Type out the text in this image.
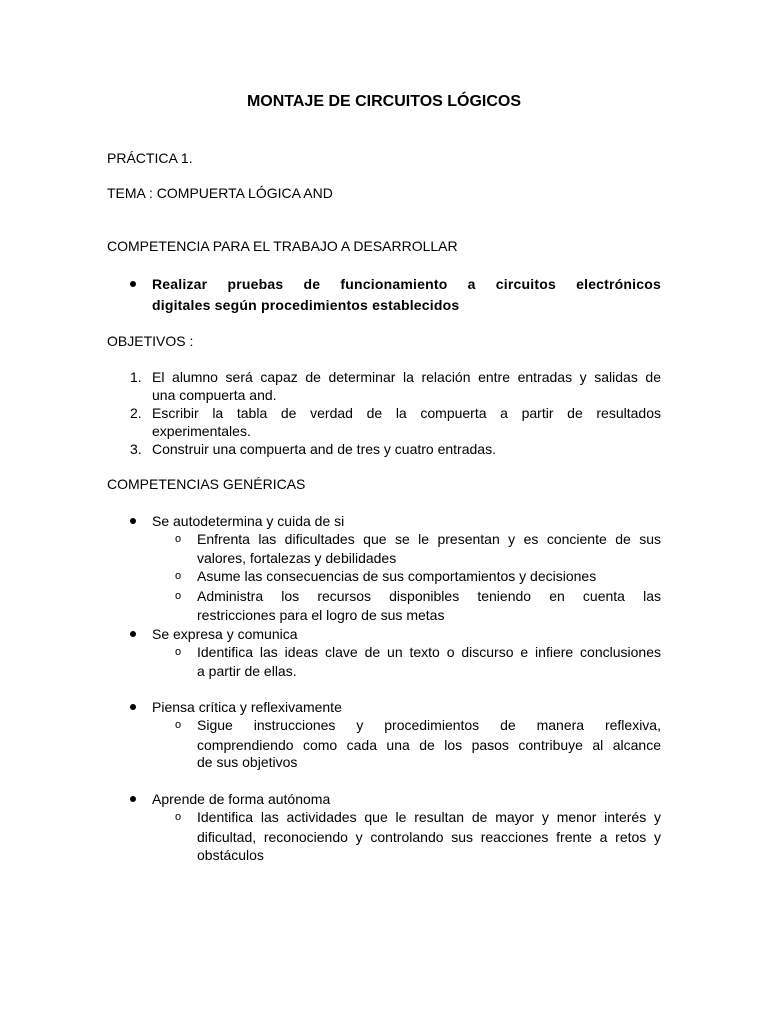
MONTAJE DE CIRCUITOS LÓGICOS
PRÁCTICA 1.
TEMA : COMPUERTA LÓGICA AND
COMPETENCIA PARA EL TRABAJO A DESARROLLAR
Realizar pruebas de funcionamiento a circuitos electrónicos
digitales según procedimientos establecidos
OBJETIVOS :
1. El alumno será capaz de determinar la relación entre entradas y salidas de
una compuerta and.
2. Escribir la tabla de verdad de la compuerta a partir de resultados
experimentales.
3. Construir una compuerta and de tres y cuatro entradas.
COMPETENCIAS GENÉRICAS
Se autodetermina y cuida de si
o Enfrenta las dificultades que se le presentan y es conciente de sus
valores, fortalezas y debilidades
o Asume las consecuencias de sus comportamientos y decisiones
o Administra los recursos disponibles teniendo en cuenta las
restricciones para el logro de sus metas
Se expresa y comunica
o Identifica las ideas clave de un texto o discurso e infiere conclusiones
a partir de ellas.
Piensa crítica y reflexivamente
o Sigue instrucciones y procedimientos de manera reflexiva,
comprendiendo como cada una de los pasos contribuye al alcance
de sus objetivos
Aprende de forma autónoma
o Identifica las actividades que le resultan de mayor y menor interés y
dificultad, reconociendo y controlando sus reacciones frente a retos y
obstáculos
